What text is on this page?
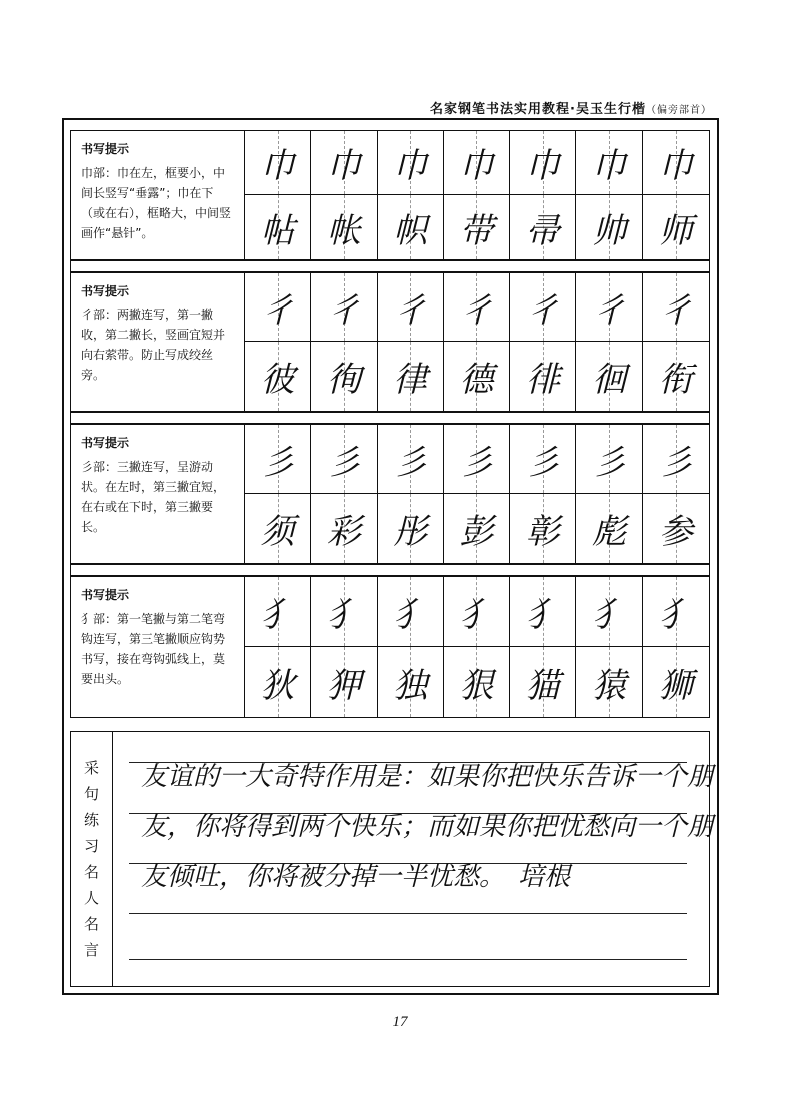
名家钢笔书法实用教程·吴玉生行楷（偏旁部首）
书写提示
巾部：巾在左，框要小，中间长竖写“垂露”；巾在下（或在右），框略大，中间竖画作“悬针”。
巾 巾 巾 巾 巾 巾 巾
帖 帐 帜 带 帚 帅 师
书写提示
彳部：两撇连写，第一撇收，第二撇长，竖画宜短并向右萦带。防止写成绞丝旁。
彳 彳 彳 彳 彳 彳 彳
彼 徇 律 德 徘 徊 衔
书写提示
彡部：三撇连写，呈游动状。在左时，第三撇宜短，在右或在下时，第三撇要长。
彡 彡 彡 彡 彡 彡 彡
须 彩 彤 彭 彰 彪 参
书写提示
犭部：第一笔撇与第二笔弯钩连写，第三笔撇顺应钩势书写，接在弯钩弧线上，莫要出头。
犭 犭 犭 犭 犭 犭 犭
狄 狎 独 狠 猫 猿 狮
采
句
练
习
名
人
名
言
友谊的一大奇特作用是：如果你把快乐告诉一个朋
友，你将得到两个快乐；而如果你把忧愁向一个朋
友倾吐，你将被分掉一半忧愁。　培根
17
